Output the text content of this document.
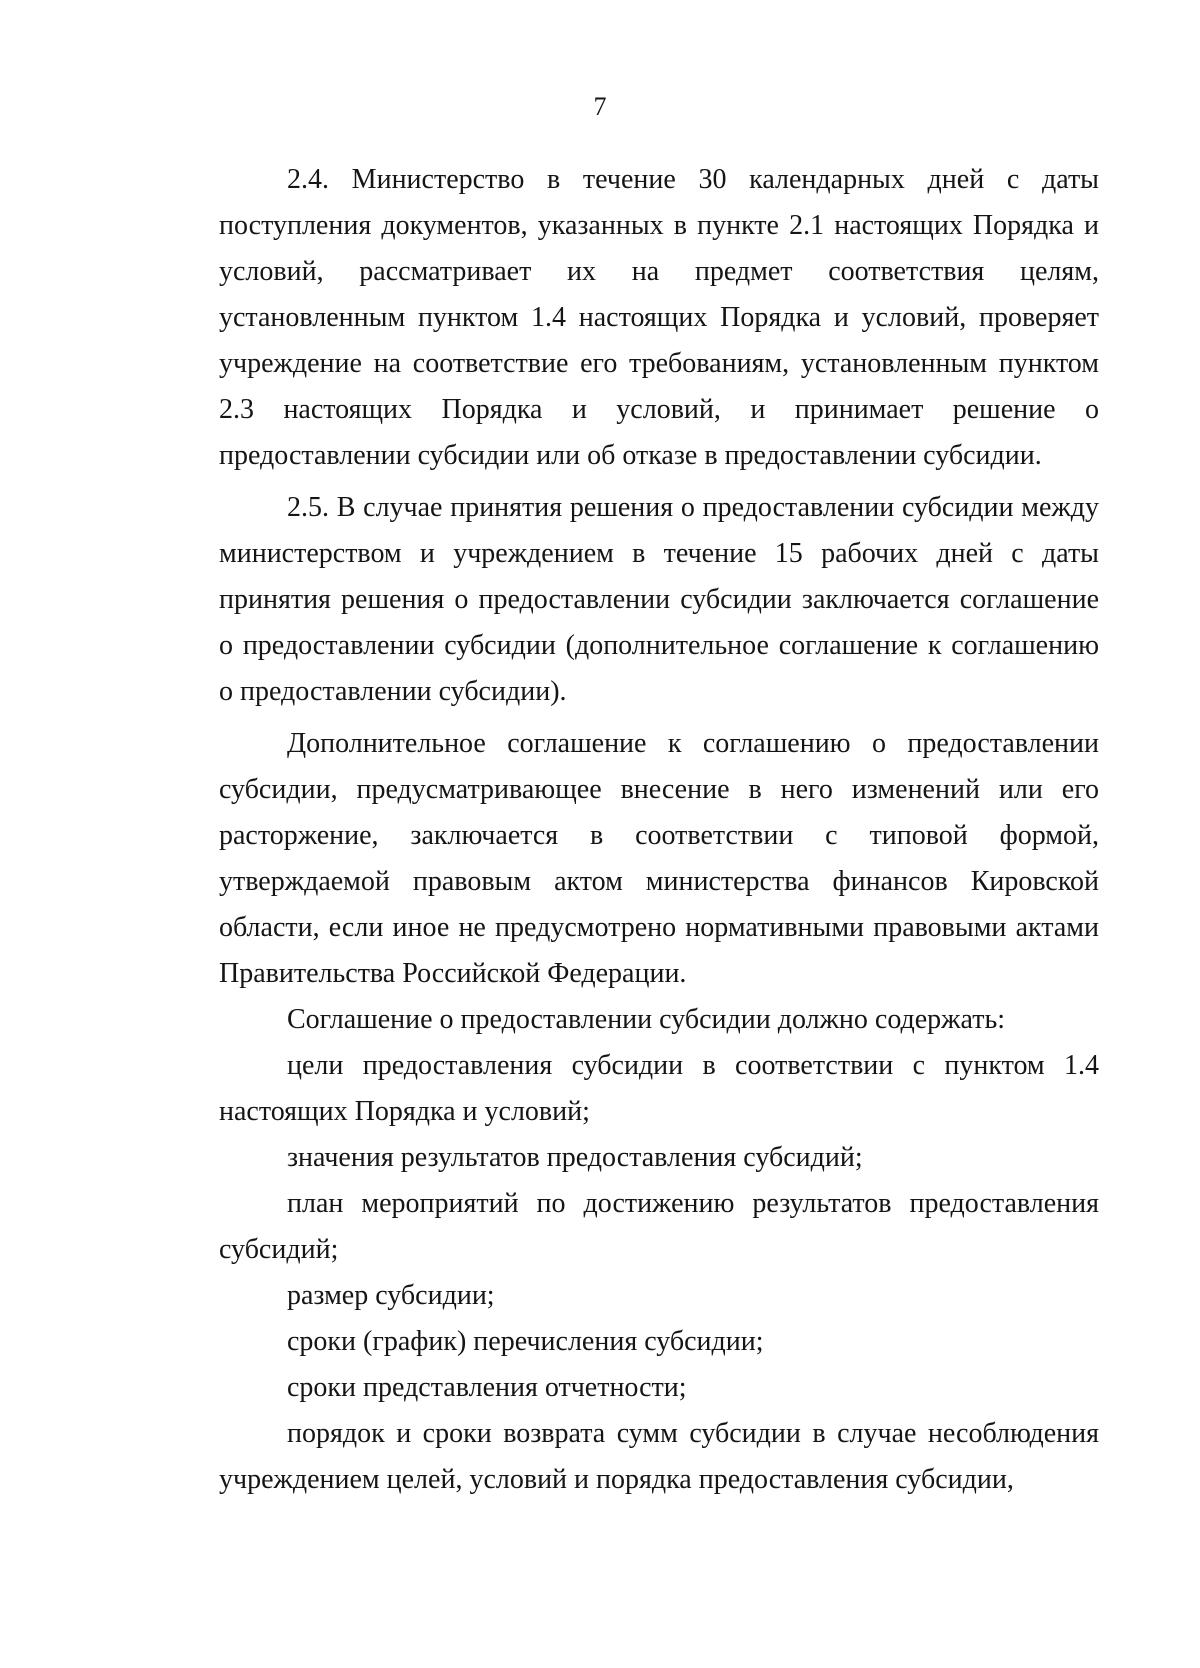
7

2.4. Министерство в течение 30 календарных дней с даты поступления документов, указанных в пункте 2.1 настоящих Порядка и условий, рассматривает их на предмет соответствия целям, установленным пунктом 1.4 настоящих Порядка и условий, проверяет учреждение на соответствие его требованиям, установленным пунктом 2.3 настоящих Порядка и условий, и принимает решение о предоставлении субсидии или об отказе в предоставлении субсидии.

2.5. В случае принятия решения о предоставлении субсидии между министерством и учреждением в течение 15 рабочих дней с даты принятия решения о предоставлении субсидии заключается соглашение о предоставлении субсидии (дополнительное соглашение к соглашению о предоставлении субсидии).

Дополнительное соглашение к соглашению о предоставлении субсидии, предусматривающее внесение в него изменений или его расторжение, заключается в соответствии с типовой формой, утверждаемой правовым актом министерства финансов Кировской области, если иное не предусмотрено нормативными правовыми актами Правительства Российской Федерации.

Соглашение о предоставлении субсидии должно содержать:

цели предоставления субсидии в соответствии с пунктом 1.4 настоящих Порядка и условий;

значения результатов предоставления субсидий;

план мероприятий по достижению результатов предоставления субсидий;

размер субсидии;

сроки (график) перечисления субсидии;

сроки представления отчетности;

порядок и сроки возврата сумм субсидии в случае несоблюдения учреждением целей, условий и порядка предоставления субсидии,
